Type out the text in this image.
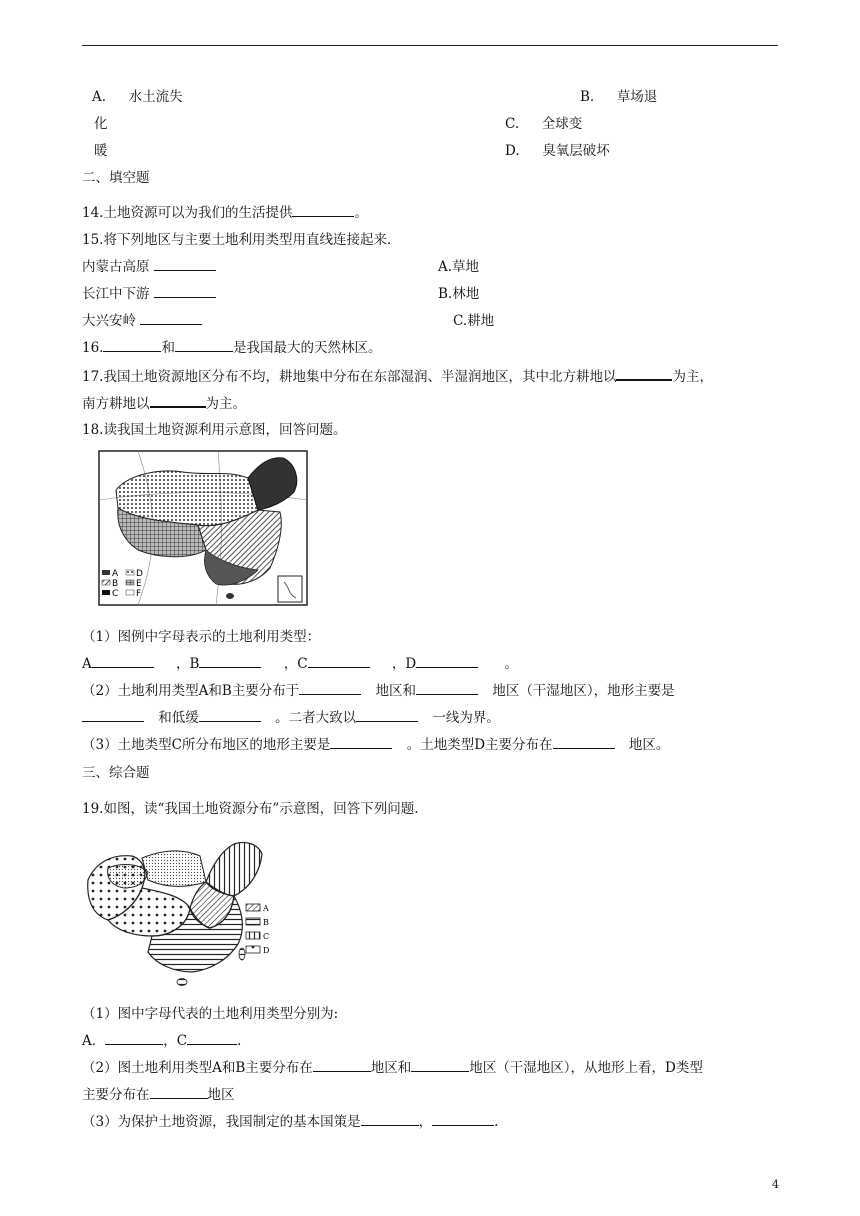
A. 水土流失	B. 草场退
化	C. 全球变
暖	D. 臭氧层破坏
二、填空题
14.土地资源可以为我们的生活提供	。
15.将下列地区与主要土地利用类型用直线连接起来.
内蒙古高原	A.草地
长江中下游	B.林地
大兴安岭	C.耕地
16.	和	是我国最大的天然林区。
17.我国土地资源地区分布不均，耕地集中分布在东部湿润、半湿润地区，其中北方耕地以	为主，
南方耕地以	为主。
18.读我国土地资源利用示意图，回答问题。
A
B
C
D
E
F
（1）图例中字母表示的土地利用类型：
A	，B	，C	，D	。
（2）土地利用类型A和B主要分布于	地区和	地区（干湿地区），地形主要是
和低缓	。二者大致以	一线为界。
（3）土地类型C所分布地区的地形主要是	。土地类型D主要分布在	地区。
三、综合题
19.如图，读“我国土地资源分布”示意图，回答下列问题.
A
B
C
D
（1）图中字母代表的土地利用类型分别为:
A．	，C	.
（2）图土地利用类型A和B主要分布在	地区和	地区（干湿地区），从地形上看，D类型
主要分布在	地区
（3）为保护土地资源，我国制定的基本国策是	，	.
4
